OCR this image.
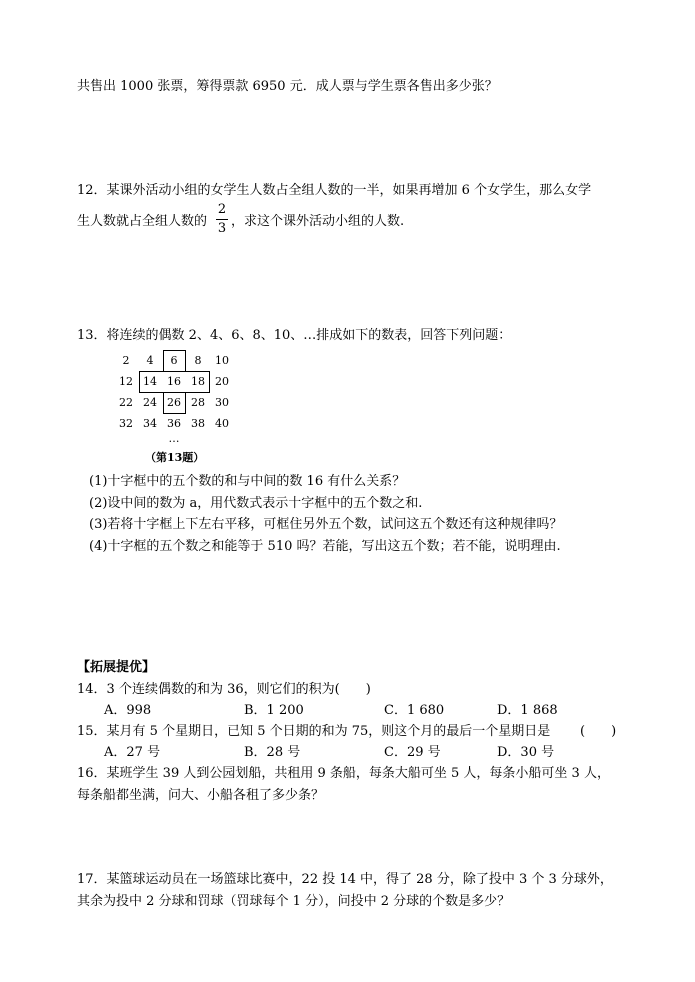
共售出 1000 张票，筹得票款 6950 元．成人票与学生票各售出多少张？
12．某课外活动小组的女学生人数占全组人数的一半，如果再增加 6 个女学生，那么女学
生人数就占全组人数的
2
3 ，求这个课外活动小组的人数.
13．将连续的偶数 2、4、6、8、10、…排成如下的数表，回答下列问题：
2	4	6	8	10
12 14 16 18 20
22 24 26 28 30
32 34 36 38 40
…
（第13题）
(1)十字框中的五个数的和与中间的数 16 有什么关系？
(2)设中间的数为 a，用代数式表示十字框中的五个数之和.
(3)若将十字框上下左右平移，可框住另外五个数，试问这五个数还有这种规律吗？
(4)十字框的五个数之和能等于 510 吗？若能，写出这五个数；若不能，说明理由.
【拓展提优】
14．3 个连续偶数的和为 36，则它们的积为(　　)
A．998	B．1 200	C．1 680	D．1 868
15．某月有 5 个星期日，已知 5 个日期的和为 75，则这个月的最后一个星期日是 (　　)
A．27 号	B．28 号	C．29 号	D．30 号
16．某班学生 39 人到公园划船，共租用 9 条船，每条大船可坐 5 人，每条小船可坐 3 人，
每条船都坐满，问大、小船各租了多少条？
17．某篮球运动员在一场篮球比赛中，22 投 14 中，得了 28 分，除了投中 3 个 3 分球外，
其余为投中 2 分球和罚球（罚球每个 1 分），问投中 2 分球的个数是多少？
